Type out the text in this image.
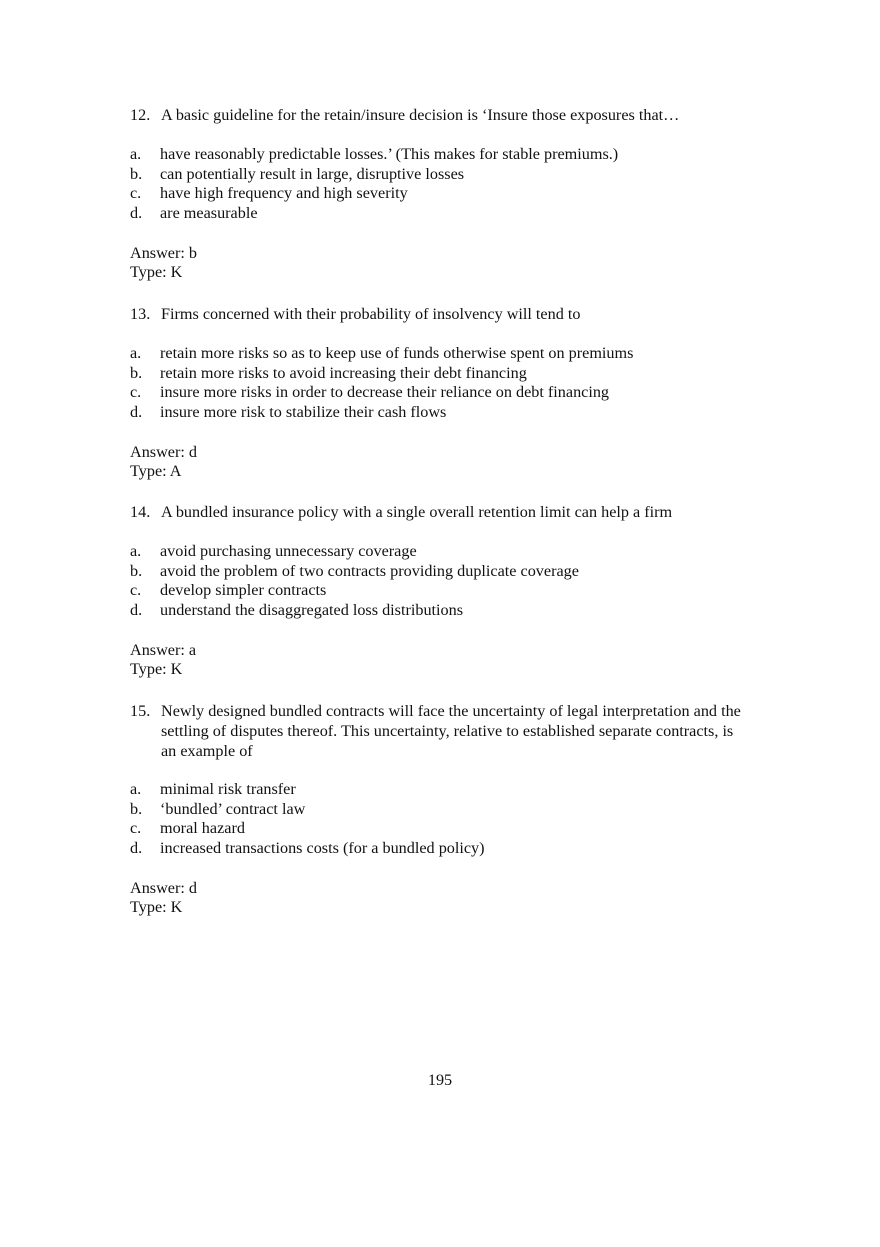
12. A basic guideline for the retain/insure decision is ‘Insure those exposures that…
a. have reasonably predictable losses.’ (This makes for stable premiums.)
b. can potentially result in large, disruptive losses
c. have high frequency and high severity
d. are measurable
Answer: b
Type: K
13. Firms concerned with their probability of insolvency will tend to
a. retain more risks so as to keep use of funds otherwise spent on premiums
b. retain more risks to avoid increasing their debt financing
c. insure more risks in order to decrease their reliance on debt financing
d. insure more risk to stabilize their cash flows
Answer: d
Type: A
14. A bundled insurance policy with a single overall retention limit can help a firm
a. avoid purchasing unnecessary coverage
b. avoid the problem of two contracts providing duplicate coverage
c. develop simpler contracts
d. understand the disaggregated loss distributions
Answer: a
Type: K
15. Newly designed bundled contracts will face the uncertainty of legal interpretation and the settling of disputes thereof. This uncertainty, relative to established separate contracts, is an example of
a. minimal risk transfer
b. ‘bundled’ contract law
c. moral hazard
d. increased transactions costs (for a bundled policy)
Answer: d
Type: K
195
